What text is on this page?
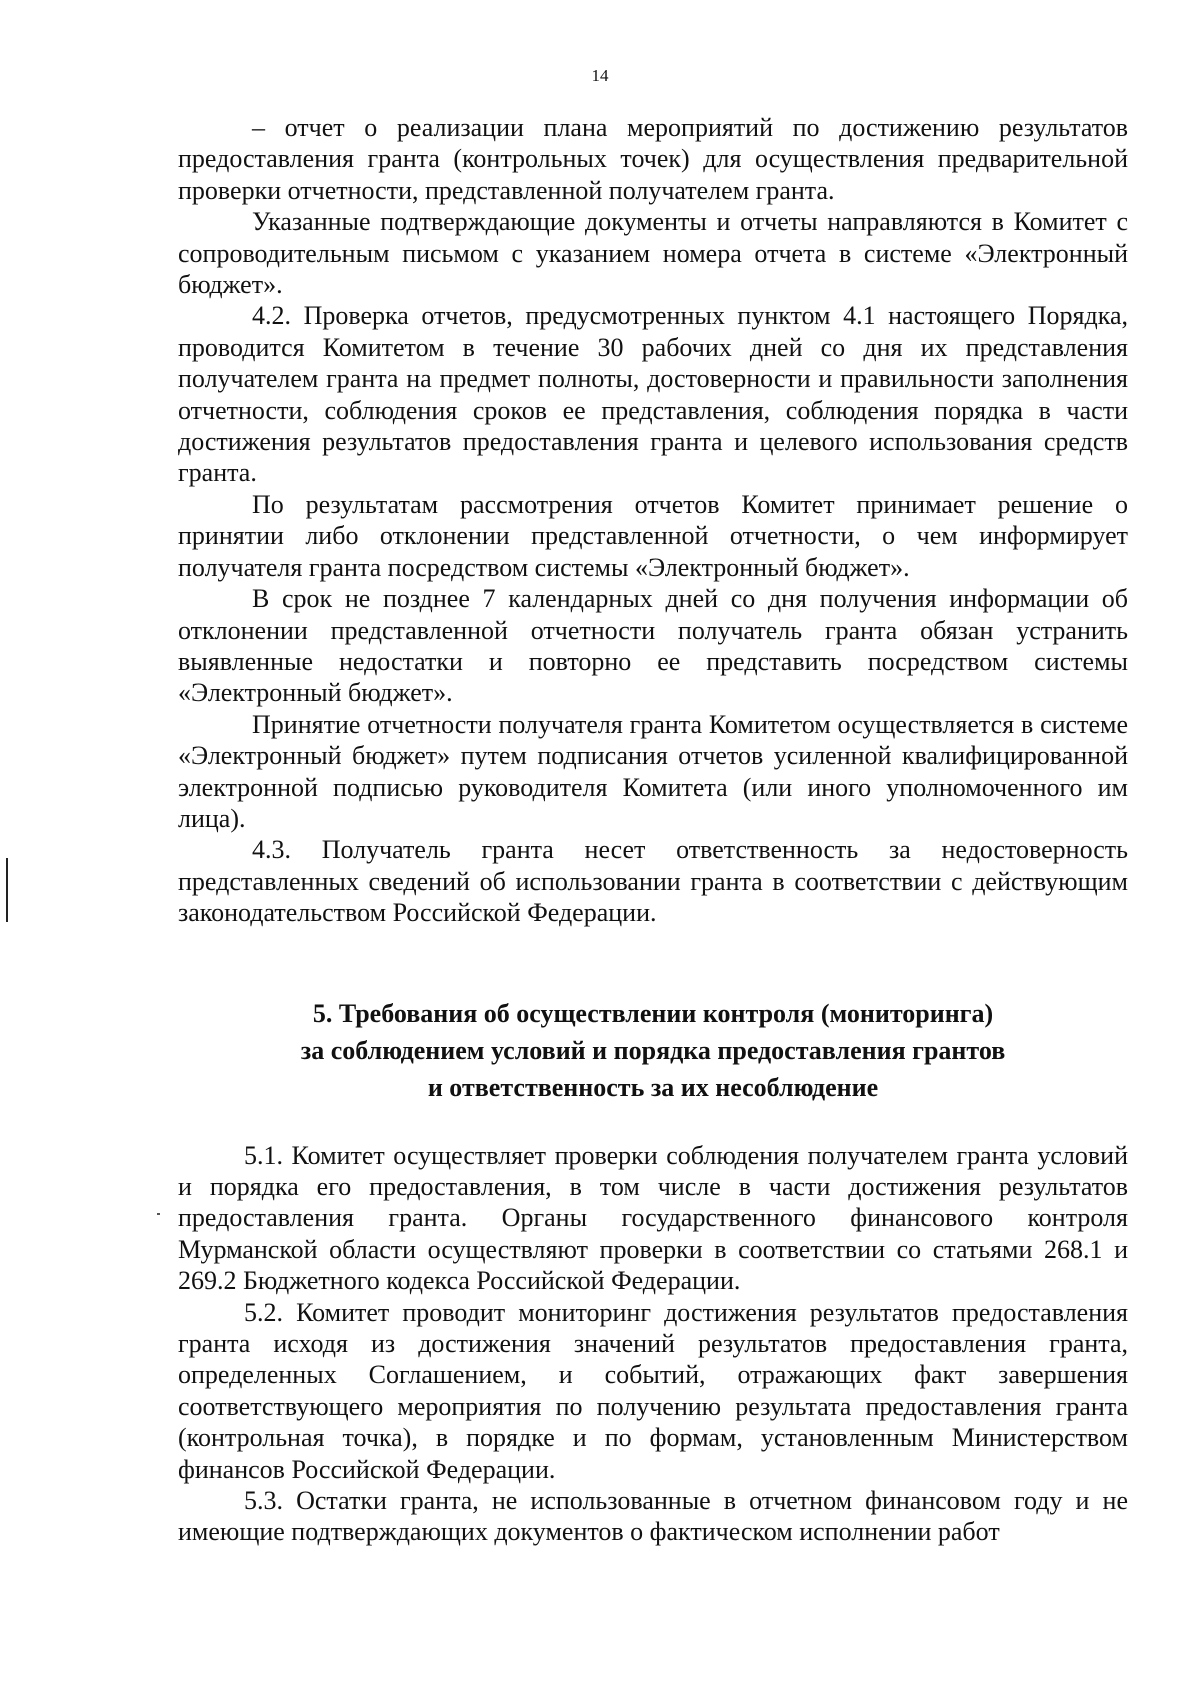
14

– отчет о реализации плана мероприятий по достижению результатов предоставления гранта (контрольных точек) для осуществления предварительной проверки отчетности, представленной получателем гранта.

Указанные подтверждающие документы и отчеты направляются в Комитет с сопроводительным письмом с указанием номера отчета в системе «Электронный бюджет».

4.2. Проверка отчетов, предусмотренных пунктом 4.1 настоящего Порядка, проводится Комитетом в течение 30 рабочих дней со дня их представления получателем гранта на предмет полноты, достоверности и правильности заполнения отчетности, соблюдения сроков ее представления, соблюдения порядка в части достижения результатов предоставления гранта и целевого использования средств гранта.

По результатам рассмотрения отчетов Комитет принимает решение о принятии либо отклонении представленной отчетности, о чем информирует получателя гранта посредством системы «Электронный бюджет».

В срок не позднее 7 календарных дней со дня получения информации об отклонении представленной отчетности получатель гранта обязан устранить выявленные недостатки и повторно ее представить посредством системы «Электронный бюджет».

Принятие отчетности получателя гранта Комитетом осуществляется в системе «Электронный бюджет» путем подписания отчетов усиленной квалифицированной электронной подписью руководителя Комитета (или иного уполномоченного им лица).

4.3. Получатель гранта несет ответственность за недостоверность представленных сведений об использовании гранта в соответствии с действующим законодательством Российской Федерации.

5. Требования об осуществлении контроля (мониторинга)
за соблюдением условий и порядка предоставления грантов
и ответственность за их несоблюдение

5.1. Комитет осуществляет проверки соблюдения получателем гранта условий и порядка его предоставления, в том числе в части достижения результатов предоставления гранта. Органы государственного финансового контроля Мурманской области осуществляют проверки в соответствии со статьями 268.1 и 269.2 Бюджетного кодекса Российской Федерации.

5.2. Комитет проводит мониторинг достижения результатов предоставления гранта исходя из достижения значений результатов предоставления гранта, определенных Соглашением, и событий, отражающих факт завершения соответствующего мероприятия по получению результата предоставления гранта (контрольная точка), в порядке и по формам, установленным Министерством финансов Российской Федерации.

5.3. Остатки гранта, не использованные в отчетном финансовом году и не имеющие подтверждающих документов о фактическом исполнении работ
